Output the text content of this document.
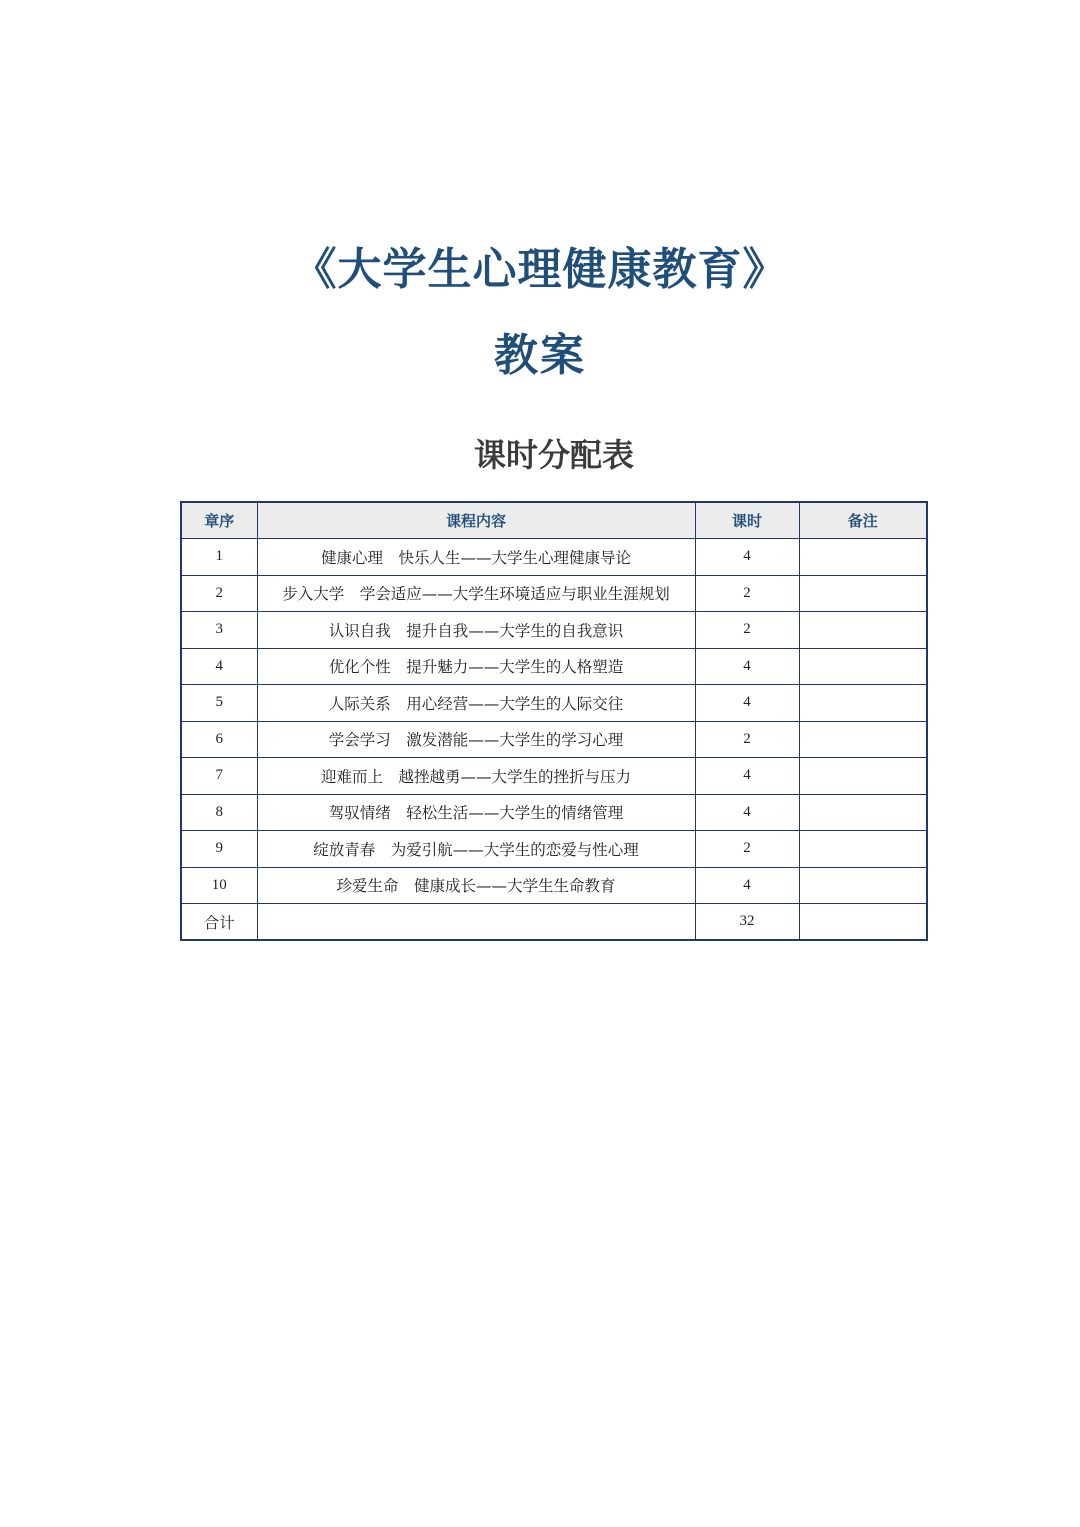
《大学生心理健康教育》
教案
课时分配表
章序	课程内容	课时	备注
1	健康心理　快乐人生——大学生心理健康导论	4	
2	步入大学　学会适应——大学生环境适应与职业生涯规划	2	
3	认识自我　提升自我——大学生的自我意识	2	
4	优化个性　提升魅力——大学生的人格塑造	4	
5	人际关系　用心经营——大学生的人际交往	4	
6	学会学习　激发潜能——大学生的学习心理	2	
7	迎难而上　越挫越勇——大学生的挫折与压力	4	
8	驾驭情绪　轻松生活——大学生的情绪管理	4	
9	绽放青春　为爱引航——大学生的恋爱与性心理	2	
10	珍爱生命　健康成长——大学生生命教育	4	
合计		32	
